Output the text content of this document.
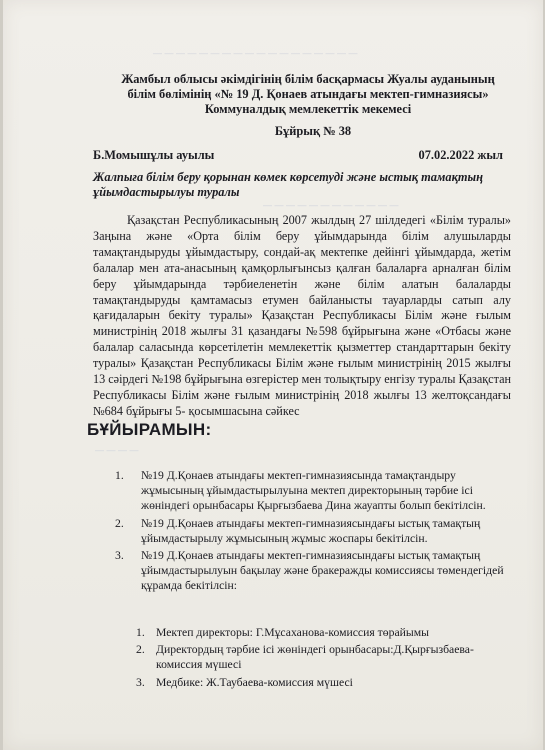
— — — — — — — — — — — — — — — — — —
— — — — — — — — — — — —
— — — —
Жамбыл облысы әкімдігінің білім басқармасы Жуалы ауданының
білім бөлімінің «№ 19 Д. Қонаев атындағы мектеп-гимназиясы»
Коммуналдық мемлекеттік мекемесі
Бұйрық № 38
Б.Момышұлы ауылы	07.02.2022 жыл
Жалпыға білім беру қорынан көмек көрсетуді және ыстық тамақтың ұйымдастырылуы туралы
Қазақстан Республикасының 2007 жылдың 27 шілдедегі «Білім туралы» Заңына және «Орта білім беру ұйымдарында білім алушыларды тамақтандыруды ұйымдастыру, сондай-ақ мектепке дейінгі ұйымдарда, жетім балалар мен ата-анасының қамқорлығынсыз қалған балаларға арналған білім беру ұйымдарында тәрбиеленетін және білім алатын балаларды тамақтандыруды қамтамасыз етумен байланысты тауарларды сатып алу қағидаларын бекіту туралы» Қазақстан Республикасы Білім және ғылым министрінің 2018 жылғы 31 қазандағы №598 бұйрығына және «Отбасы және балалар саласында көрсетілетін мемлекеттік қызметтер стандарттарын бекіту туралы» Қазақстан Республикасы Білім және ғылым министрінің 2015 жылғы 13 сәірдегі №198 бұйрығына өзгерістер мен толықтыру енгізу туралы Қазақстан Республикасы Білім және ғылым министрінің 2018 жылғы 13 желтоқсандағы №684 бұйрығы 5- қосымшасына сәйкес
БҰЙЫРАМЫН:
1. №19 Д.Қонаев атындағы мектеп-гимназиясында тамақтандыру жұмысының ұйымдастырылуына мектеп директорының тәрбие ісі жөніндегі орынбасары Қырғызбаева Дина жауапты болып бекітілсін.
2. №19 Д.Қонаев атындағы мектеп-гимназиясындағы ыстық тамақтың ұйымдастырылу жұмысының жұмыс жоспары бекітілсін.
3. №19 Д.Қонаев атындағы мектеп-гимназиясындағы ыстық тамақтың ұйымдастырылуын бақылау және бракеражды комиссиясы төмендегідей құрамда бекітілсін:
1. Мектеп директоры: Г.Мұсаханова-комиссия төрайымы
2. Директордың тәрбие ісі жөніндегі орынбасары:Д.Қырғызбаева-комиссия мүшесі
3. Медбике: Ж.Таубаева-комиссия мүшесі
